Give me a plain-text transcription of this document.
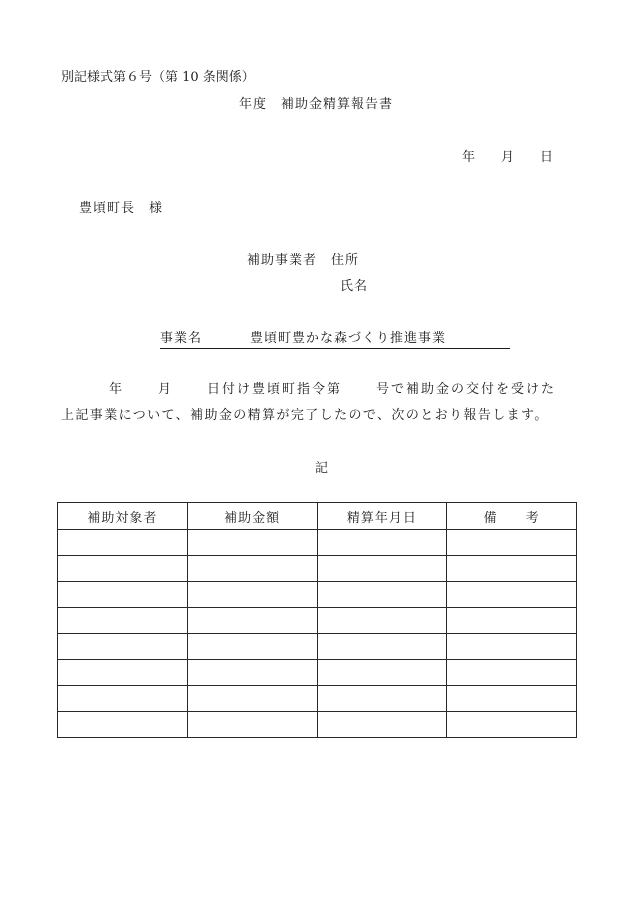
別記様式第６号（第 10 条関係）
年度　補助金精算報告書
年 月 日
豊頃町長　様
補助事業者　住所
氏名
事業名	豊頃町豊かな森づくり推進事業
年	月	日付け豊頃町指令第	号で補助金の交付を受けた
上記事業について、補助金の精算が完了したので、次のとおり報告します。
記
補助対象者	補助金額	精算年月日	備　　考
